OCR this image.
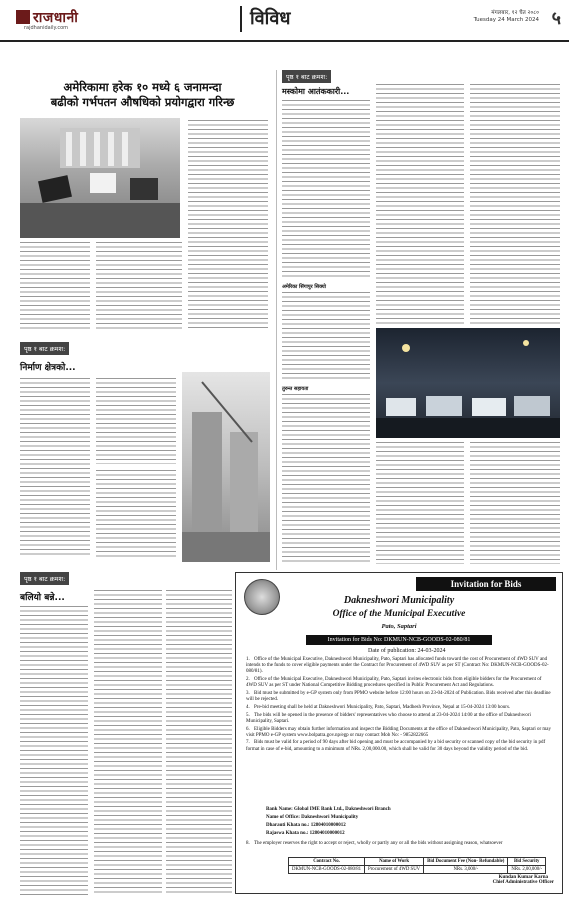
राजधानी
rajdhanidaily.com	विविध	मंगलबार, १२ चैत २०८०
Tuesday 24 March 2024 ५
अमेरिकामा हरेक १० मध्ये ६ जनामन्दा
बढीको गर्भपतन औषधिको प्रयोगद्वारा गरिन्छ
पृष्ठ १ बाट क्रमश:
मस्कोमा आतंककारी...
अमेरिका सिंगापुर सिक्यो
तुरुन्त सहायता
पृष्ठ १ बाट क्रमश:
निर्माण क्षेत्रको...
पृष्ठ १ बाट क्रमश:
बलियो बन्ने...
Invitation for Bids
Dakneshwori Municipality
Office of the Municipal Executive
Pato, Saptari
Invitation for Bids No: DKMUN-NCB-GOODS-02-080/81
Date of publication: 24-03-2024
1. Office of the Municipal Executive, Dakneshwori Municipality, Pato, Saptari has allocated funds toward the cost of Procurement of 4WD SUV and intends to the funds to cover eligible payments under the Contract for Procurement of 4WD SUV as per ST (Contract No: DKMUN-NCB-GOODS-02-080/81).
2. Office of the Municipal Executive, Dakneshwori Municipality, Pato, Saptari invites electronic bids from eligible bidders for the Procurement of 4WD SUV as per ST under National Competitive Bidding procedures specified in Public Procurement Act and Regulations.
3. Bid must be submitted by e-GP system only from PPMO website before 12:00 hours on 23-04-2024 of Publication. Bids received after this deadline will be rejected.
4. Pre-bid meeting shall be held at Dakneshwori Municipality, Pato, Saptari, Madhesh Province, Nepal at 15-04-2024 13:00 hours.
5. The bids will be opened in the presence of bidders' representatives who choose to attend at 23-04-2024 14:00 at the office of Dakneshwori Municipality, Saptari.
6. Eligible Bidders may obtain further information and inspect the Bidding Documents at the office of Dakneshwori Municipality, Pato, Saptari or may visit PPMO e-GP system www.bolpatra.gov.np/egp or may contact Mob No: - 9852822665
7. Bids must be valid for a period of 90 days after bid opening and must be accompanied by a bid security or scanned copy of the bid security in pdf format in case of e-bid, amounting to a minimum of NRs. 2,00,000.00, which shall be valid for 30 days beyond the validity period of the bid.
Bank Name: Global IME Bank Ltd., Dakneshwori Branch
Name of Office: Dakneshwori Municipality
Dharauti Khata no.: 12804010000012
Rajaswa Khata no.: 12804010000012
8. The employer reserves the right to accept or reject, wholly or partly any or all the bids without assigning reason, whatsoever
Contract No.	Name of Work	Bid Document Fee (Non- Refundable)	Bid Security
DKMUN-NCB-GOODS-02-080/81	Procurement of 4WD SUV	NRs. 3,000/-	NRs. 2,00,000/-
Kundan Kumar Karna
Chief Administrative Officer
